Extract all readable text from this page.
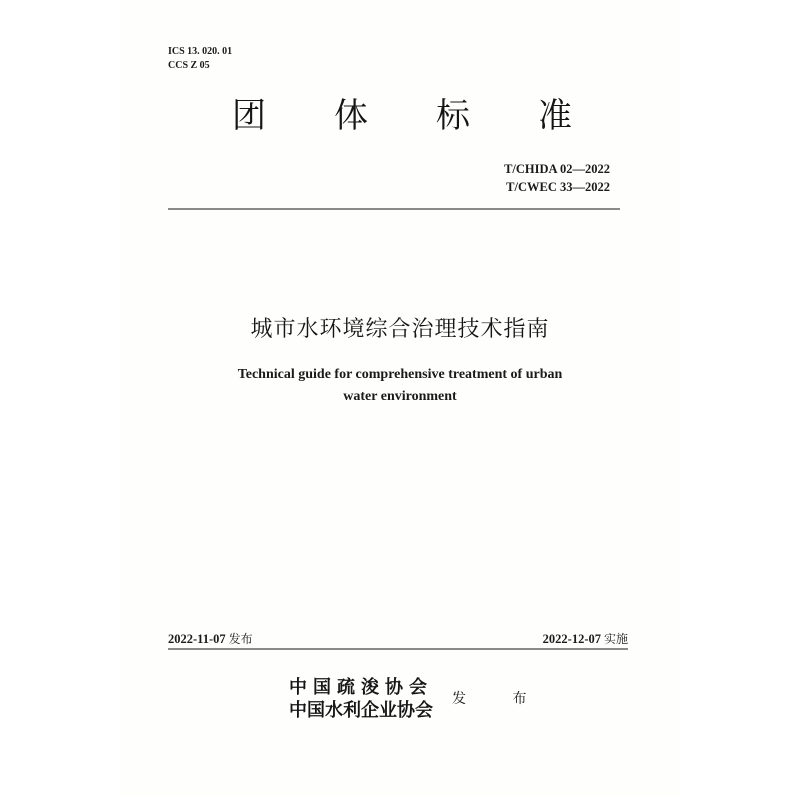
ICS 13. 020. 01
CCS Z 05
团 体 标 准
T/CHIDA 02—2022
T/CWEC 33—2022
城市水环境综合治理技术指南
Technical guide for comprehensive treatment of urban
water environment
2022-11-07 发布	2022-12-07 实施
中国疏浚协会
中国水利企业协会
发 布
